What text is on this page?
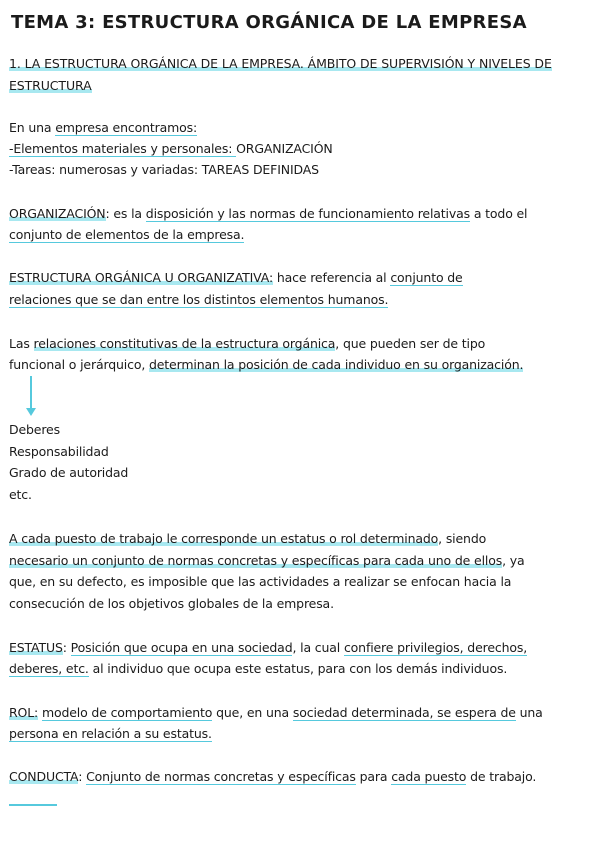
TEMA 3: ESTRUCTURA ORGÁNICA DE LA EMPRESA
1. LA ESTRUCTURA ORGÁNICA DE LA EMPRESA. ÁMBITO DE SUPERVISIÓN Y NIVELES DE ESTRUCTURA
En una empresa encontramos:
-Elementos materiales y personales: ORGANIZACIÓN
-Tareas: numerosas y variadas: TAREAS DEFINIDAS
ORGANIZACIÓN: es la disposición y las normas de funcionamiento relativas a todo el
conjunto de elementos de la empresa.
ESTRUCTURA ORGÁNICA U ORGANIZATIVA: hace referencia al conjunto de
relaciones que se dan entre los distintos elementos humanos.
Las relaciones constitutivas de la estructura orgánica, que pueden ser de tipo
funcional o jerárquico, determinan la posición de cada individuo en su organización.
Deberes
Responsabilidad
Grado de autoridad
etc.
A cada puesto de trabajo le corresponde un estatus o rol determinado, siendo
necesario un conjunto de normas concretas y específicas para cada uno de ellos, ya
que, en su defecto, es imposible que las actividades a realizar se enfocan hacia la
consecución de los objetivos globales de la empresa.
ESTATUS: Posición que ocupa en una sociedad, la cual confiere privilegios, derechos,
deberes, etc. al individuo que ocupa este estatus, para con los demás individuos.
ROL: modelo de comportamiento que, en una sociedad determinada, se espera de una
persona en relación a su estatus.
CONDUCTA: Conjunto de normas concretas y específicas para cada puesto de trabajo.
